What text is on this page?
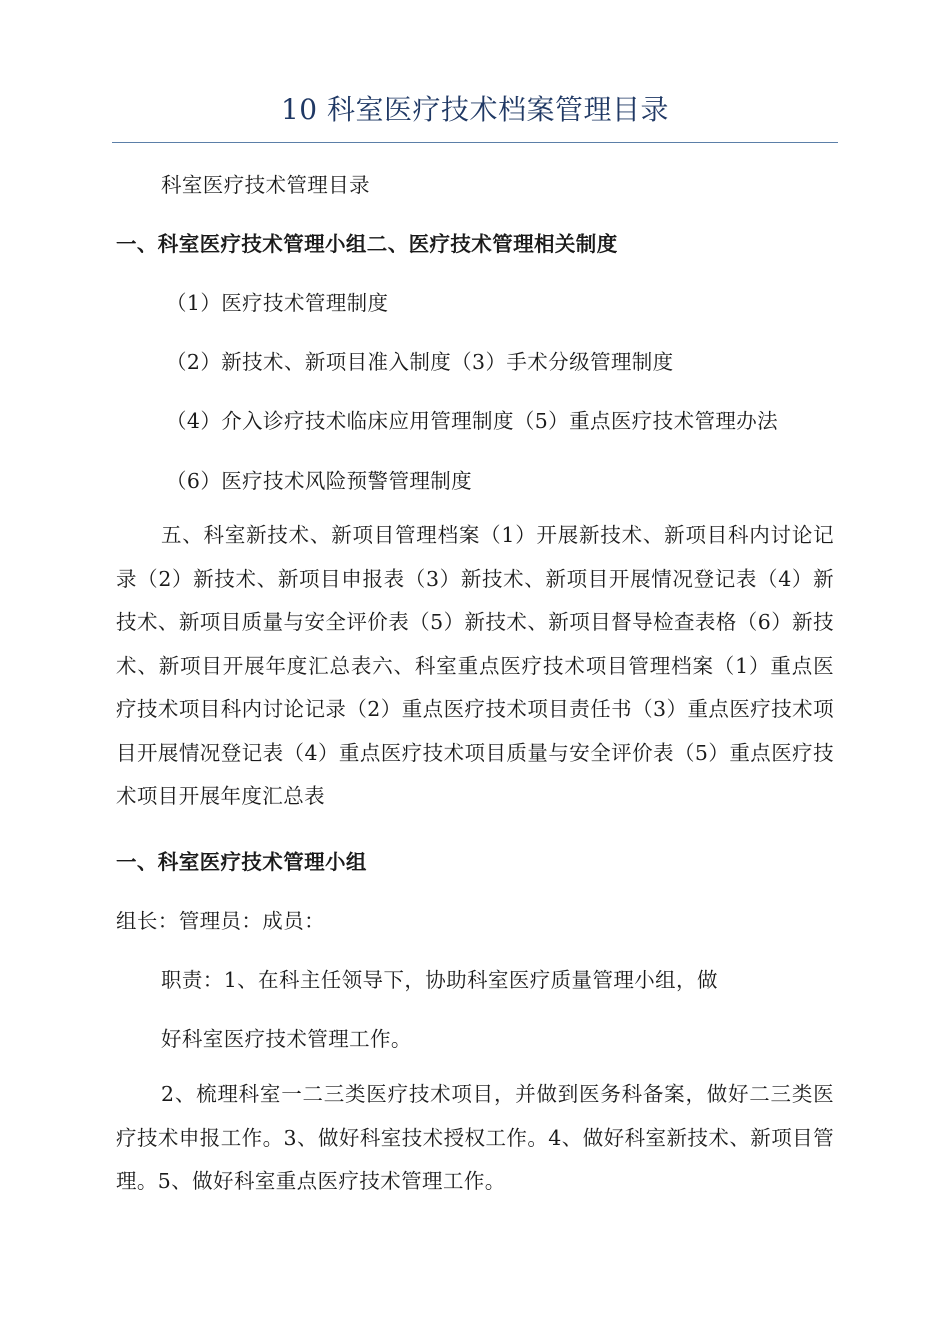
10 科室医疗技术档案管理目录
科室医疗技术管理目录
一、科室医疗技术管理小组二、医疗技术管理相关制度
（1）医疗技术管理制度
（2）新技术、新项目准入制度（3）手术分级管理制度
（4）介入诊疗技术临床应用管理制度（5）重点医疗技术管理办法
（6）医疗技术风险预警管理制度
五、科室新技术、新项目管理档案（1）开展新技术、新项目科内讨论记录（2）新技术、新项目申报表（3）新技术、新项目开展情况登记表（4）新技术、新项目质量与安全评价表（5）新技术、新项目督导检查表格（6）新技术、新项目开展年度汇总表六、科室重点医疗技术项目管理档案（1）重点医疗技术项目科内讨论记录（2）重点医疗技术项目责任书（3）重点医疗技术项目开展情况登记表（4）重点医疗技术项目质量与安全评价表（5）重点医疗技术项目开展年度汇总表
一、科室医疗技术管理小组
组长：管理员：成员：
职责：1、在科主任领导下，协助科室医疗质量管理小组，做
好科室医疗技术管理工作。
2、梳理科室一二三类医疗技术项目，并做到医务科备案，做好二三类医疗技术申报工作。3、做好科室技术授权工作。4、做好科室新技术、新项目管理。5、做好科室重点医疗技术管理工作。
